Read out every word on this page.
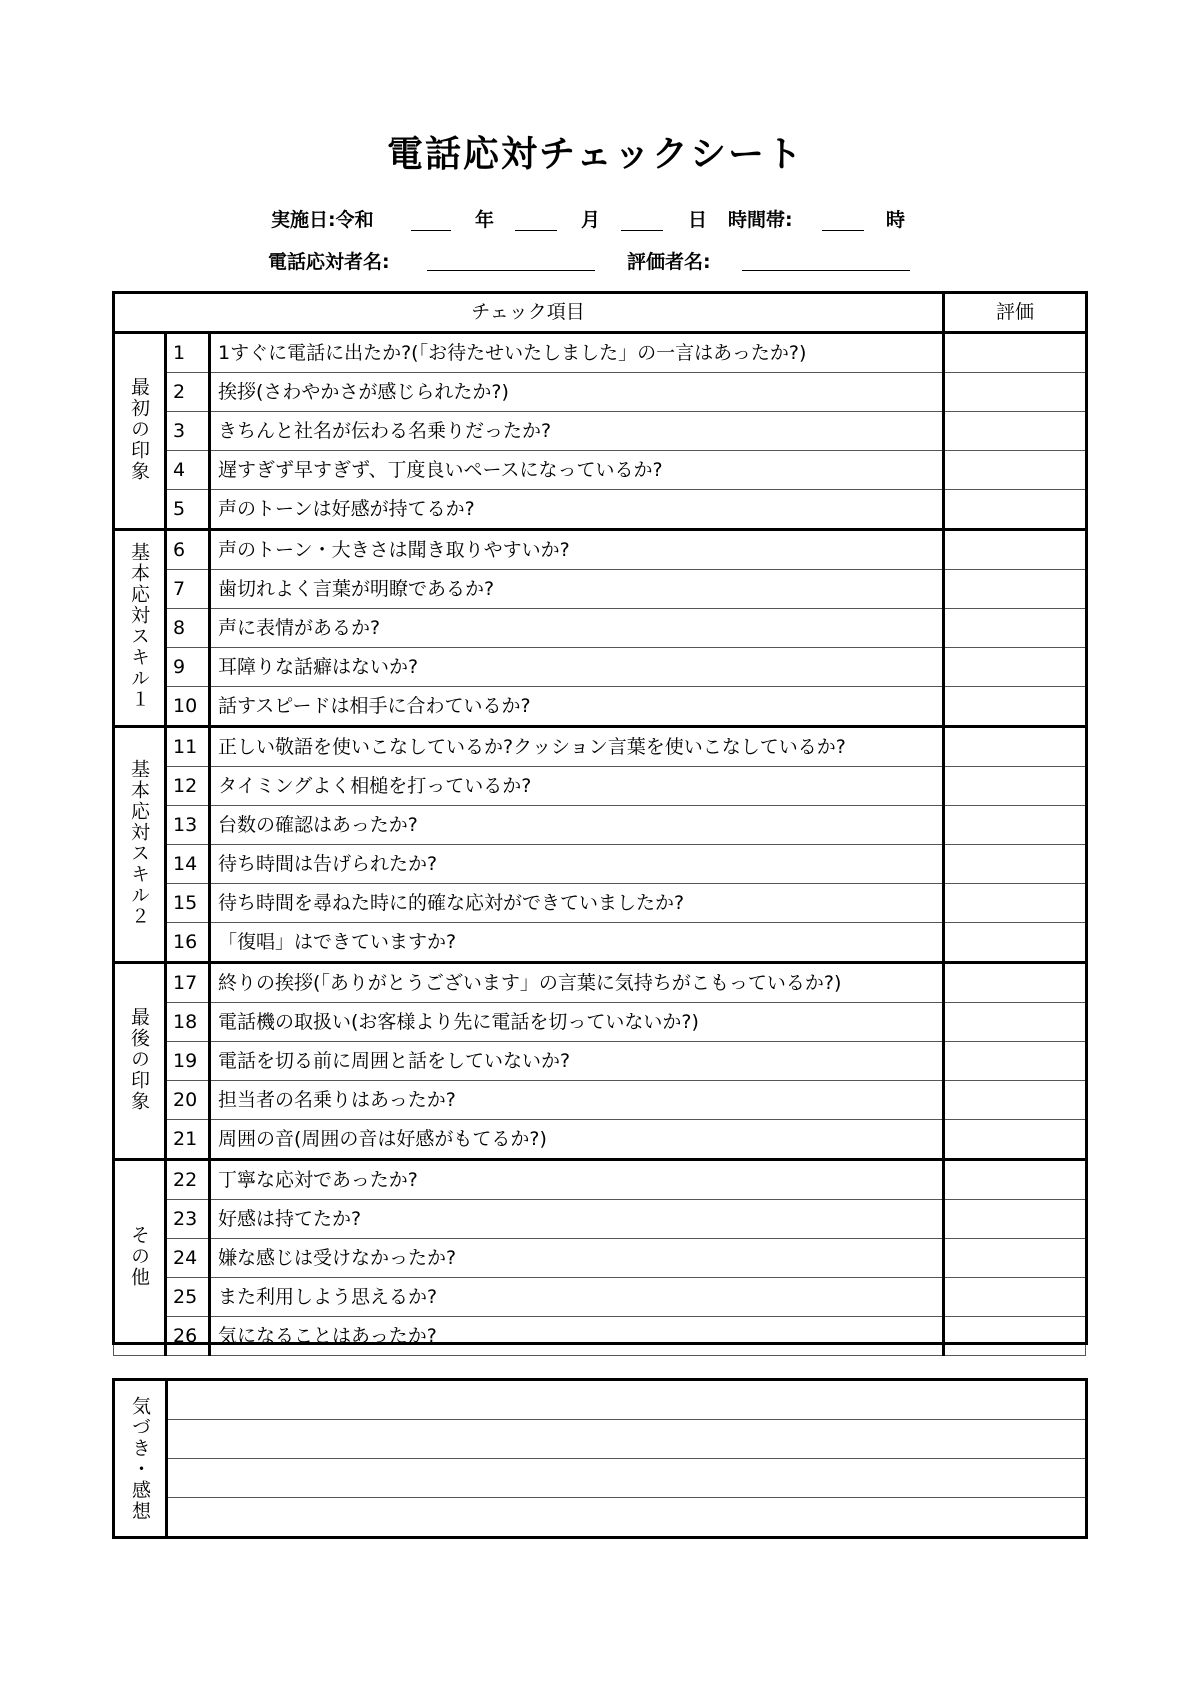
電話応対チェックシート
実施日:令和	年	月	日 時間帯:	時
電話応対者名:	評価者名:
チェック項目			評価
最初の印象	1	1すぐに電話に出たか?(「お待たせいたしました」の一言はあったか?)	
	2	挨拶(さわやかさが感じられたか?)	
	3	きちんと社名が伝わる名乗りだったか?	
	4	遅すぎず早すぎず、丁度良いペースになっているか?	
	5	声のトーンは好感が持てるか?	
基本応対スキル１	6	声のトーン・大きさは聞き取りやすいか?	
	7	歯切れよく言葉が明瞭であるか?	
	8	声に表情があるか?	
	9	耳障りな話癖はないか?	
	10	話すスピードは相手に合わているか?	
基本応対スキル２	11	正しい敬語を使いこなしているか?クッション言葉を使いこなしているか?	
	12	タイミングよく相槌を打っているか?	
	13	台数の確認はあったか?	
	14	待ち時間は告げられたか?	
	15	待ち時間を尋ねた時に的確な応対ができていましたか?	
	16	「復唱」はできていますか?	
最後の印象	17	終りの挨拶(「ありがとうございます」の言葉に気持ちがこもっているか?)	
	18	電話機の取扱い(お客様より先に電話を切っていないか?)	
	19	電話を切る前に周囲と話をしていないか?	
	20	担当者の名乗りはあったか?	
	21	周囲の音(周囲の音は好感がもてるか?)	
その他	22	丁寧な応対であったか?	
	23	好感は持てたか?	
	24	嫌な感じは受けなかったか?	
	25	また利用しよう思えるか?	
	26	気になることはあったか?	
気づき・感想
